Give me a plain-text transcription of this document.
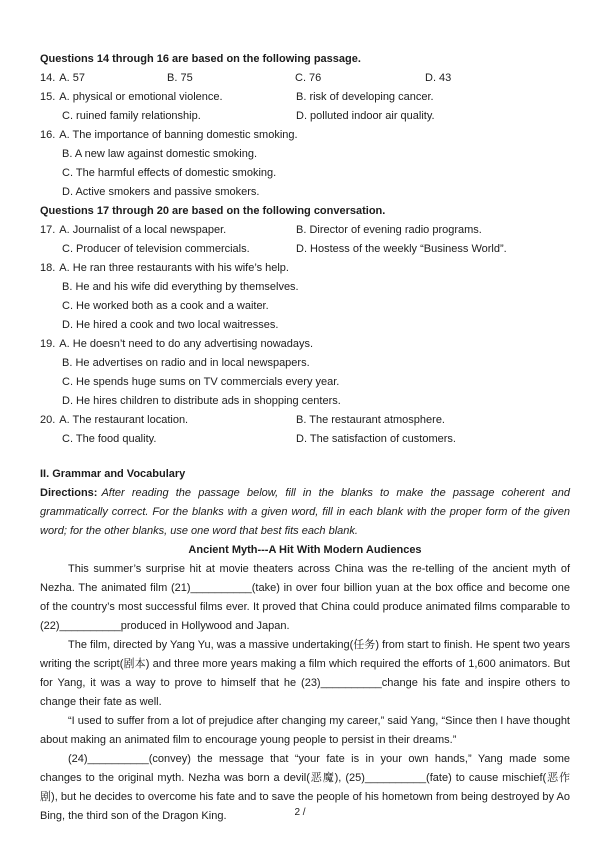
Questions 14 through 16 are based on the following passage.
14. A. 57	B. 75	C. 76	D. 43
15. A. physical or emotional violence.	B. risk of developing cancer.
C. ruined family relationship.	D. polluted indoor air quality.
16. A. The importance of banning domestic smoking.
B. A new law against domestic smoking.
C. The harmful effects of domestic smoking.
D. Active smokers and passive smokers.
Questions 17 through 20 are based on the following conversation.
17. A. Journalist of a local newspaper.	B. Director of evening radio programs.
C. Producer of television commercials.	D. Hostess of the weekly “Business World”.
18. A. He ran three restaurants with his wife’s help.
B. He and his wife did everything by themselves.
C. He worked both as a cook and a waiter.
D. He hired a cook and two local waitresses.
19. A. He doesn’t need to do any advertising nowadays.
B. He advertises on radio and in local newspapers.
C. He spends huge sums on TV commercials every year.
D. He hires children to distribute ads in shopping centers.
20. A. The restaurant location.	B. The restaurant atmosphere.
C. The food quality.	D. The satisfaction of customers.
II. Grammar and Vocabulary

Directions: After reading the passage below, fill in the blanks to make the passage coherent and grammatically correct. For the blanks with a given word, fill in each blank with the proper form of the given word; for the other blanks, use one word that best fits each blank.

Ancient Myth---A Hit With Modern Audiences

This summer’s surprise hit at movie theaters across China was the re-telling of the ancient myth of Nezha. The animated film (21)__________(take) in over four billion yuan at the box office and become one of the country’s most successful films ever. It proved that China could produce animated films comparable to (22)__________produced in Hollywood and Japan.

The film, directed by Yang Yu, was a massive undertaking(任务) from start to finish. He spent two years writing the script(剧本) and three more years making a film which required the efforts of 1,600 animators. But for Yang, it was a way to prove to himself that he (23)__________change his fate and inspire others to change their fate as well.

“I used to suffer from a lot of prejudice after changing my career,” said Yang, “Since then I have thought about making an animated film to encourage young people to persist in their dreams.”

(24)__________(convey) the message that “your fate is in your own hands,” Yang made some changes to the original myth. Nezha was born a devil(恶魔), (25)__________(fate) to cause mischief(恶作剧), but he decides to overcome his fate and to save the people of his hometown from being destroyed by Ao Bing, the third son of the Dragon King.	2 /
